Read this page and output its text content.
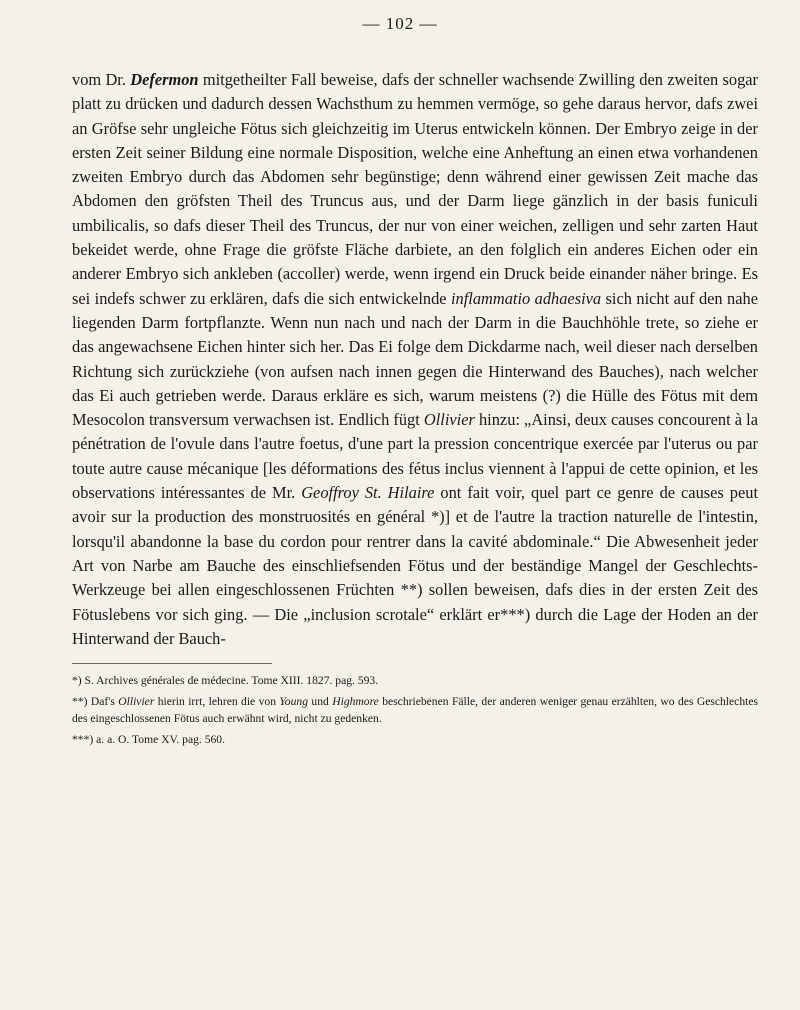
— 102 —

vom Dr. Defermon mitgetheilter Fall beweise, dafs der schneller wachsende Zwilling den zweiten sogar platt zu drücken und dadurch dessen Wachsthum zu hemmen vermöge, so gehe daraus hervor, dafs zwei an Gröfse sehr ungleiche Fötus sich gleichzeitig im Uterus entwickeln können. Der Embryo zeige in der ersten Zeit seiner Bildung eine normale Disposition, welche eine Anheftung an einen etwa vorhandenen zweiten Embryo durch das Abdomen sehr begünstige; denn während einer gewissen Zeit mache das Abdomen den gröfsten Theil des Truncus aus, und der Darm liege gänzlich in der basis funiculi umbilicalis, so dafs dieser Theil des Truncus, der nur von einer weichen, zelligen und sehr zarten Haut bekeidet werde, ohne Frage die gröfste Fläche darbiete, an den folglich ein anderes Eichen oder ein anderer Embryo sich ankleben (accoller) werde, wenn irgend ein Druck beide einander näher bringe. Es sei indefs schwer zu erklären, dafs die sich entwickelnde inflammatio adhaesiva sich nicht auf den nahe liegenden Darm fortpflanzte. Wenn nun nach und nach der Darm in die Bauchhöhle trete, so ziehe er das angewachsene Eichen hinter sich her. Das Ei folge dem Dickdarme nach, weil dieser nach derselben Richtung sich zurückziehe (von aufsen nach innen gegen die Hinterwand des Bauches), nach welcher das Ei auch getrieben werde. Daraus erkläre es sich, warum meistens (?) die Hülle des Fötus mit dem Mesocolon transversum verwachsen ist. Endlich fügt Ollivier hinzu: „Ainsi, deux causes concourent à la pénétration de l'ovule dans l'autre foetus, d'une part la pression concentrique exercée par l'uterus ou par toute autre cause mécanique [les déformations des fétus inclus viennent à l'appui de cette opinion, et les observations intéressantes de Mr. Geoffroy St. Hilaire ont fait voir, quel part ce genre de causes peut avoir sur la production des monstruosités en général *)] et de l'autre la traction naturelle de l'intestin, lorsqu'il abandonne la base du cordon pour rentrer dans la cavité abdominale.“ Die Abwesenheit jeder Art von Narbe am Bauche des einschliefsenden Fötus und der beständige Mangel der Geschlechts-Werkzeuge bei allen eingeschlossenen Früchten **) sollen beweisen, dafs dies in der ersten Zeit des Fötuslebens vor sich ging. — Die „inclusion scrotale“ erklärt er***) durch die Lage der Hoden an der Hinterwand der Bauch-

*) S. Archives générales de médecine. Tome XIII. 1827. pag. 593.

**) Daf's Ollivier hierin irrt, lehren die von Young und Highmore beschriebenen Fälle, der anderen weniger genau erzählten, wo des Geschlechtes des eingeschlossenen Fötus auch erwähnt wird, nicht zu gedenken.

***) a. a. O. Tome XV. pag. 560.
